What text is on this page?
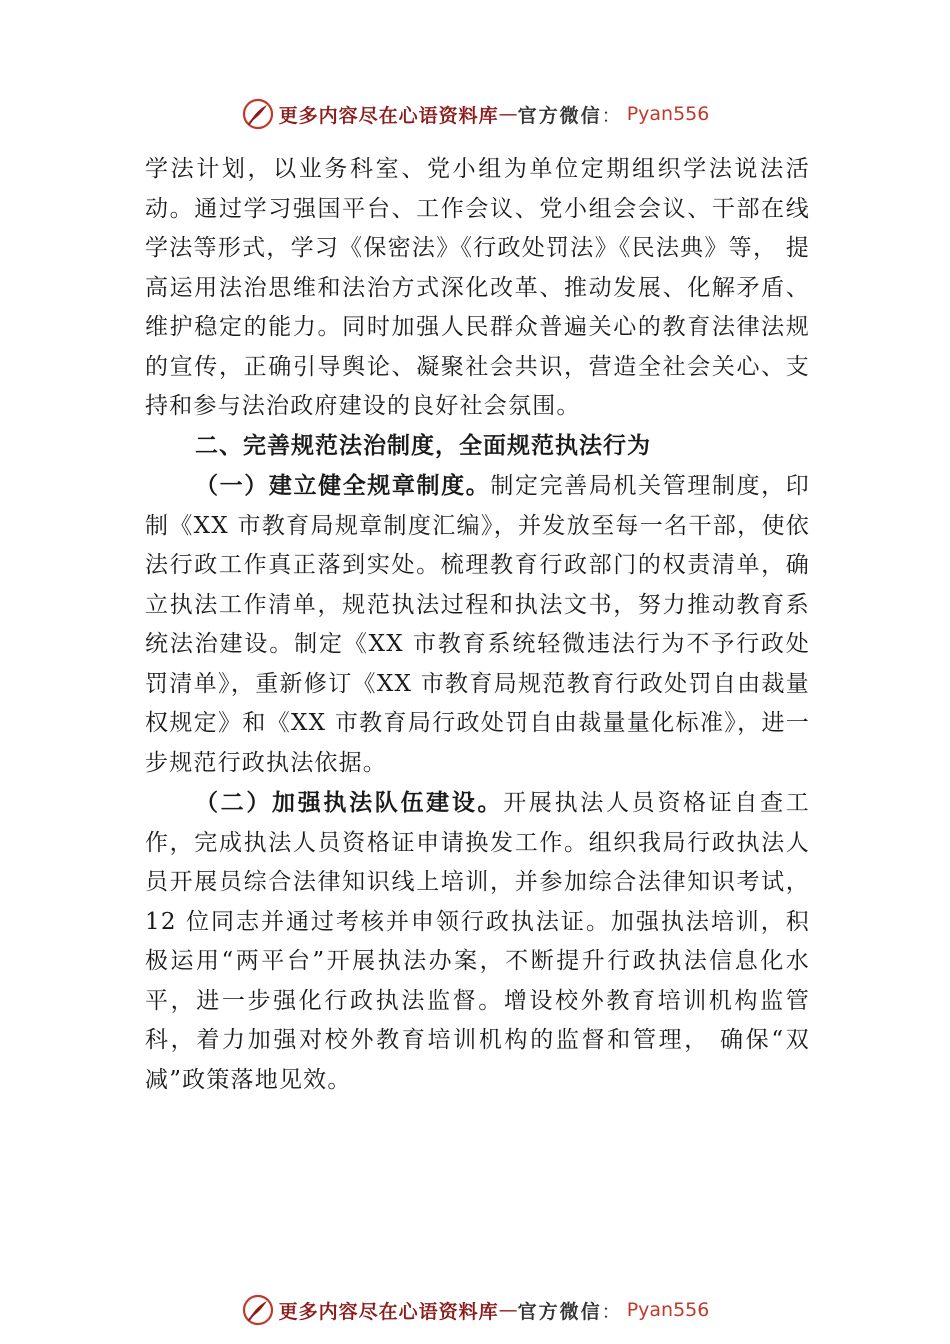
更多内容尽在心语资料库 — 官方微信 ： Pyan556

学法计划，以业务科室、党小组为单位定期组织学法说法活动。通过学习强国平台、工作会议、党小组会会议、干部在线学法等形式，学习《保密法》《行政处罚法》《民法典》等， 提高运用法治思维和法治方式深化改革、推动发展、化解矛盾、维护稳定的能力。同时加强人民群众普遍关心的教育法律法规的宣传，正确引导舆论、凝聚社会共识，营造全社会关心、支持和参与法治政府建设的良好社会氛围。

二、完善规范法治制度，全面规范执法行为

（一）建立健全规章制度。制定完善局机关管理制度，印制《XX 市教育局规章制度汇编》，并发放至每一名干部，使依法行政工作真正落到实处。梳理教育行政部门的权责清单，确立执法工作清单，规范执法过程和执法文书，努力推动教育系统法治建设。制定《XX 市教育系统轻微违法行为不予行政处罚清单》，重新修订《XX 市教育局规范教育行政处罚自由裁量权规定》和《XX 市教育局行政处罚自由裁量量化标准》，进一步规范行政执法依据。

（二）加强执法队伍建设。开展执法人员资格证自查工作，完成执法人员资格证申请换发工作。组织我局行政执法人员开展员综合法律知识线上培训，并参加综合法律知识考试， 12 位同志并通过考核并申领行政执法证。加强执法培训，积极运用“两平台”开展执法办案，不断提升行政执法信息化水平，进一步强化行政执法监督。增设校外教育培训机构监管科，着力加强对校外教育培训机构的监督和管理， 确保“双减”政策落地见效。

更多内容尽在心语资料库 — 官方微信 ： Pyan556
